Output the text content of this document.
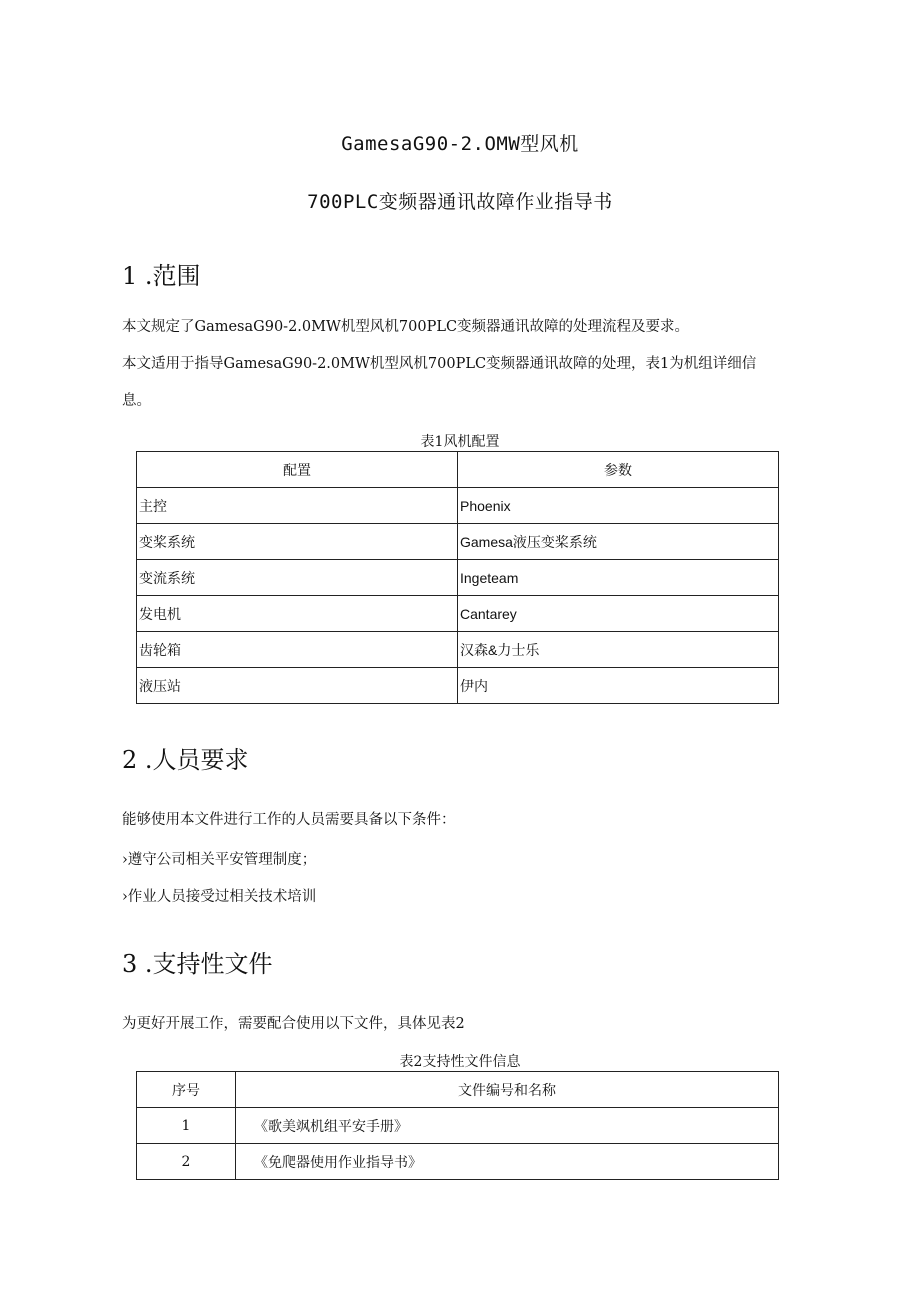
GamesaG90-2.OMW型风机
700PLC变频器通讯故障作业指导书
1 .范围
本文规定了GamesaG90-2.0MW机型风机700PLC变频器通讯故障的处理流程及要求。
本文适用于指导GamesaG90-2.0MW机型风机700PLC变频器通讯故障的处理，表1为机组详细信
息。
表1风机配置
配置	参数
主控	Phoenix
变桨系统	Gamesa液压变桨系统
变流系统	Ingeteam
发电机	Cantarey
齿轮箱	汉森&力士乐
液压站	伊内
2 .人员要求
能够使用本文件进行工作的人员需要具备以下条件：
›遵守公司相关平安管理制度；
›作业人员接受过相关技术培训
3 .支持性文件
为更好开展工作，需要配合使用以下文件，具体见表2
表2支持性文件信息
序号	文件编号和名称
1	《歌美飒机组平安手册》
2	《免爬器使用作业指导书》
